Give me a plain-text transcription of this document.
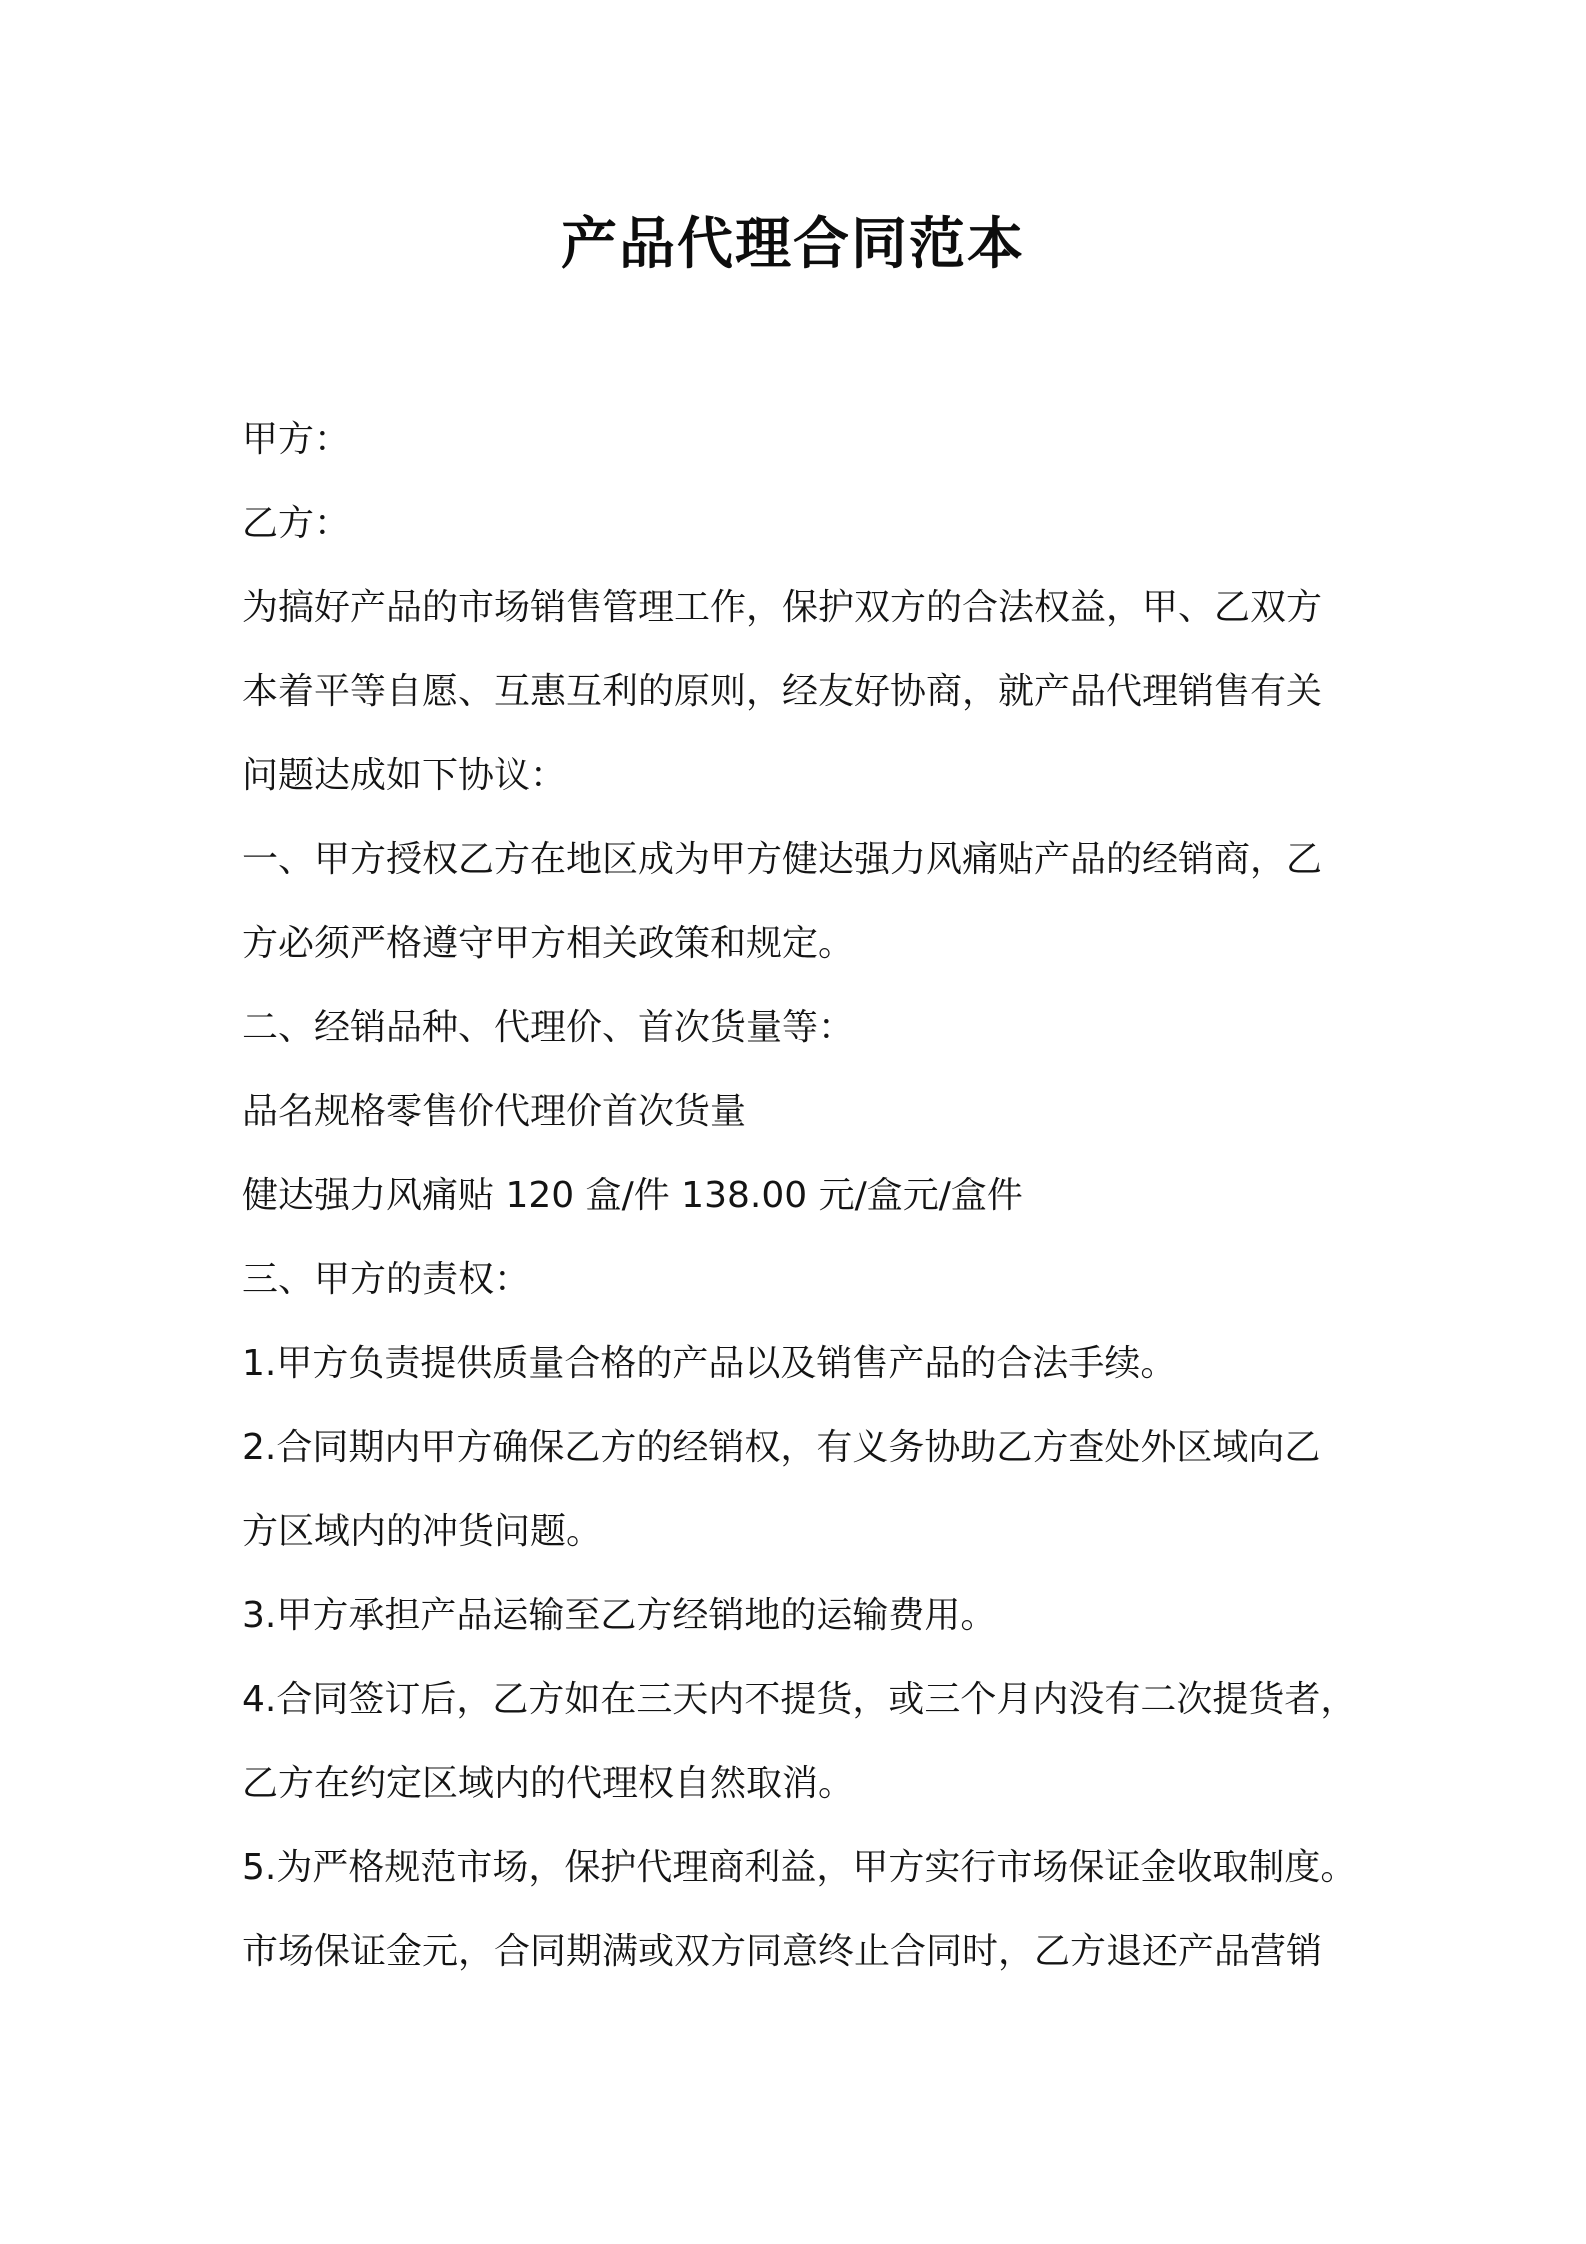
产品代理合同范本

甲方：

乙方：

为搞好产品的市场销售管理工作，保护双方的合法权益，甲、乙双方

本着平等自愿、互惠互利的原则，经友好协商，就产品代理销售有关

问题达成如下协议：

一、甲方授权乙方在地区成为甲方健达强力风痛贴产品的经销商，乙

方必须严格遵守甲方相关政策和规定。

二、经销品种、代理价、首次货量等：

品名规格零售价代理价首次货量

健达强力风痛贴 120 盒/件 138.00 元/盒元/盒件

三、甲方的责权：

1.甲方负责提供质量合格的产品以及销售产品的合法手续。

2.合同期内甲方确保乙方的经销权，有义务协助乙方查处外区域向乙

方区域内的冲货问题。

3.甲方承担产品运输至乙方经销地的运输费用。

4.合同签订后，乙方如在三天内不提货，或三个月内没有二次提货者，

乙方在约定区域内的代理权自然取消。

5.为严格规范市场，保护代理商利益，甲方实行市场保证金收取制度。

市场保证金元，合同期满或双方同意终止合同时，乙方退还产品营销
